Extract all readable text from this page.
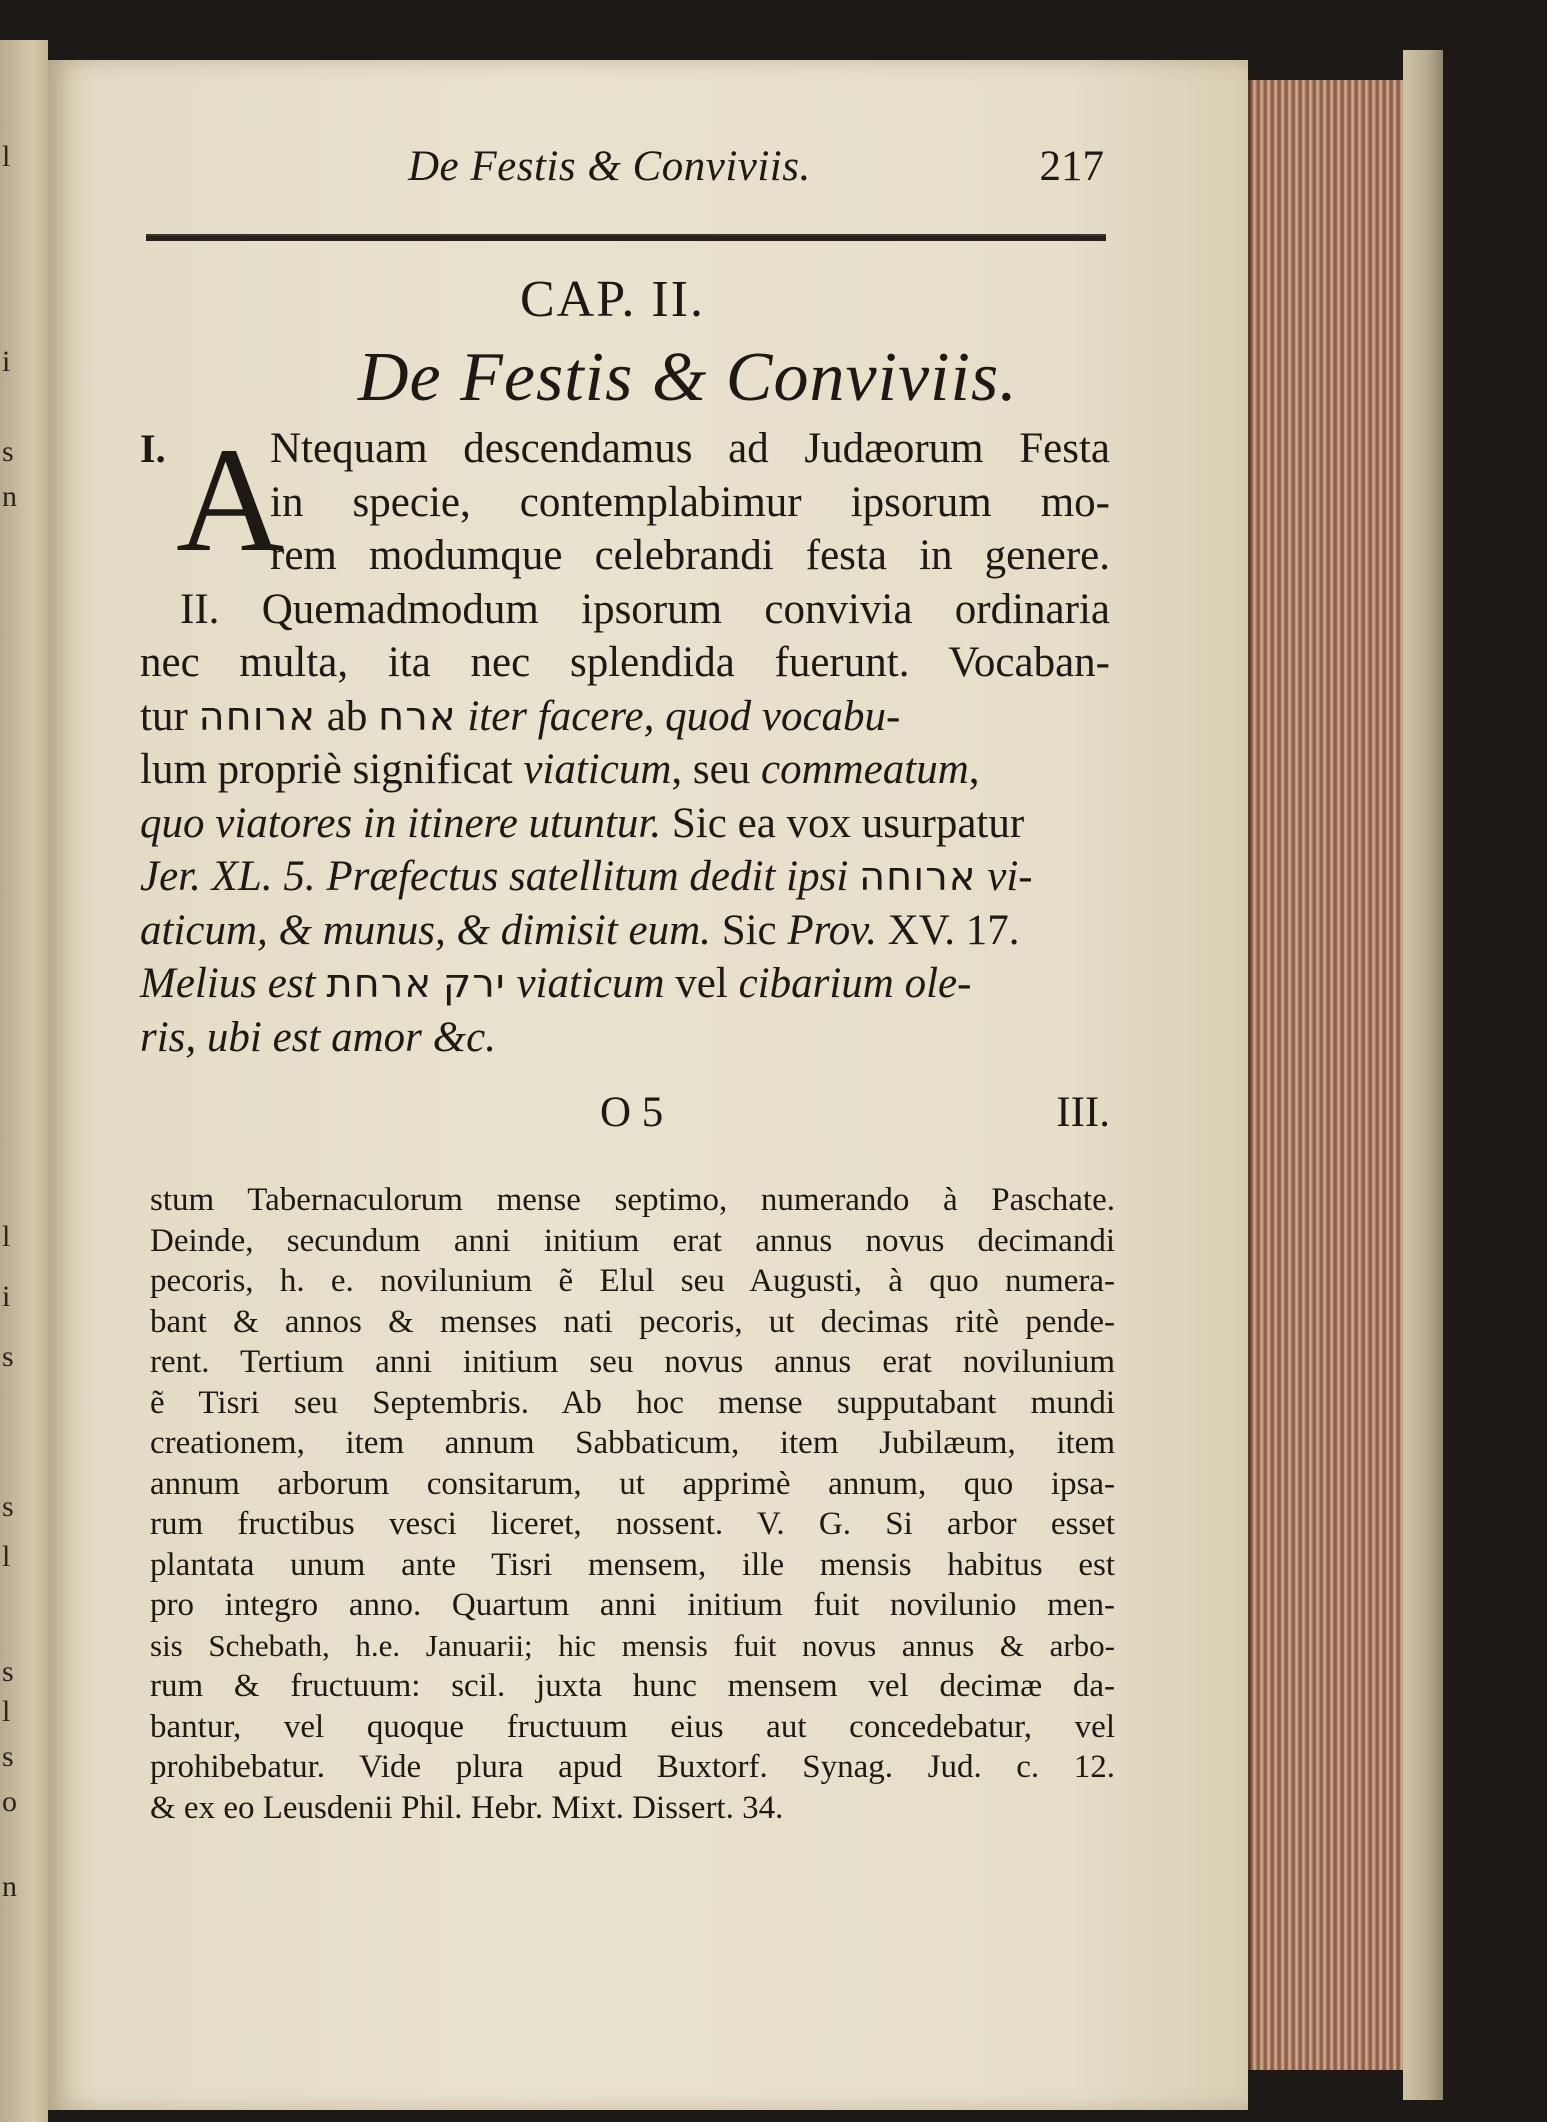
l
i
s
n
l
i
s
s
l
s
l
s
o
n
De Festis & Conviviis.	217
CAP. II.
De Festis & Conviviis.
I. A
Ntequam descendamus ad Judæorum Festa
in specie, contemplabimur ipsorum mo-
rem modumque celebrandi festa in genere.
II. Quemadmodum ipsorum convivia ordinaria
nec multa, ita nec splendida fuerunt. Vocaban-
tur ארוחה ab ארח iter facere, quod vocabu-
lum propriè significat viaticum, seu commeatum,
quo viatores in itinere utuntur. Sic ea vox usurpatur
Jer. XL. 5. Præfectus satellitum dedit ipsi ארוחה vi-
aticum, & munus, & dimisit eum. Sic Prov. XV. 17.
Melius est	ירק ארחת viaticum vel cibarium ole-
ris, ubi est amor &c.
O 5	III.
stum Tabernaculorum mense septimo, numerando à Paschate.
Deinde, secundum anni initium erat annus novus decimandi
pecoris, h. e. novilunium ẽ Elul seu Augusti, à quo numera-
bant & annos & menses nati pecoris, ut decimas ritè pende-
rent. Tertium anni initium seu novus annus erat novilunium
ẽ Tisri seu Septembris. Ab hoc mense supputabant mundi
creationem, item annum Sabbaticum, item Jubilæum, item
annum arborum consitarum, ut apprimè annum, quo ipsa-
rum fructibus vesci liceret, nossent. V. G. Si arbor esset
plantata unum ante Tisri mensem, ille mensis habitus est
pro integro anno. Quartum anni initium fuit novilunio men-
sis Schebath, h.e. Januarii; hic mensis fuit novus annus & arbo-
rum & fructuum: scil. juxta hunc mensem vel decimæ da-
bantur, vel quoque fructuum eius aut concedebatur, vel
prohibebatur. Vide plura apud Buxtorf. Synag. Jud. c. 12.
& ex eo Leusdenii Phil. Hebr. Mixt. Dissert. 34.
